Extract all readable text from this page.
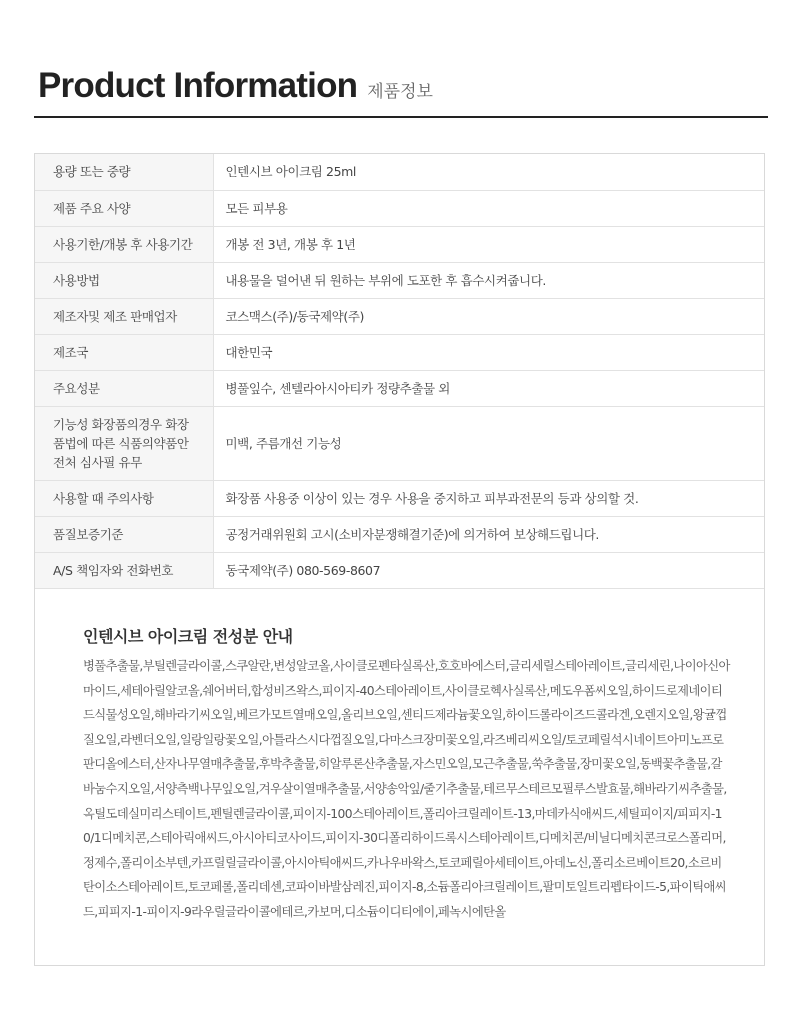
Product Information 제품정보
용량 또는 중량	인텐시브 아이크림 25ml
제품 주요 사양	모든 피부용
사용기한/개봉 후 사용기간	개봉 전 3년, 개봉 후 1년
사용방법	내용물을 덜어낸 뒤 원하는 부위에 도포한 후 흡수시켜줍니다.
제조자및 제조 판매업자	코스맥스(주)/동국제약(주)
제조국	대한민국
주요성분	병풀잎수, 센텔라아시아티카 정량추출물 외
기능성 화장품의경우 화장품법에 따른 식품의약품안전처 심사필 유무	미백, 주름개선 기능성
사용할 때 주의사항	화장품 사용중 이상이 있는 경우 사용을 중지하고 피부과전문의 등과 상의할 것.
품질보증기준	공정거래위원회 고시(소비자분쟁해결기준)에 의거하여 보상해드립니다.
A/S 책임자와 전화번호	동국제약(주) 080-569-8607
인텐시브 아이크림 전성분 안내
병풀추출물,부틸렌글라이콜,스쿠알란,변성알코올,사이클로펜타실록산,호호바에스터,글리세릴스테아레이트,글리세린,나이아신아마이드,세테아릴알코올,쉐어버터,합성비즈왁스,피이지-40스테아레이트,사이클로헥사실록산,메도우폼씨오일,하이드로제네이티드식물성오일,해바라기씨오일,베르가모트열매오일,올리브오일,센티드제라늄꽃오일,하이드롤라이즈드콜라겐,오렌지오일,왕귤껍질오일,라벤더오일,일랑일랑꽃오일,아틀라스시다껍질오일,다마스크장미꽃오일,라즈베리씨오일/토코페릴석시네이트아미노프로판디올에스터,산자나무열매추출물,후박추출물,히알루론산추출물,자스민오일,모근추출물,쑥추출물,장미꽃오일,동백꽃추출물,갈바눔수지오일,서양측백나무잎오일,겨우살이열매추출물,서양송악잎/줄기추출물,테르무스테르모필루스발효물,해바라기씨추출물,옥틸도데실미리스테이트,펜틸렌글라이콜,피이지-100스테아레이트,폴리아크릴레이트-13,마데카식애씨드,세틸피이지/피피지-10/1디메치콘,스테아릭애씨드,아시아티코사이드,피이지-30디폴리하이드록시스테아레이트,디메치콘/비닐디메치콘크로스폴리머,정제수,폴리이소부텐,카프릴릴글라이콜,아시아틱애씨드,카나우바왁스,토코페릴아세테이트,아데노신,폴리소르베이트20,소르비탄이소스테아레이트,토코페롤,폴리데센,코파이바발삼레진,피이지-8,소듐폴리아크릴레이트,팔미토일트리펩타이드-5,파이틱애씨드,피피지-1-피이지-9라우릴글라이콜에테르,카보머,디소듐이디티에이,페녹시에탄올
